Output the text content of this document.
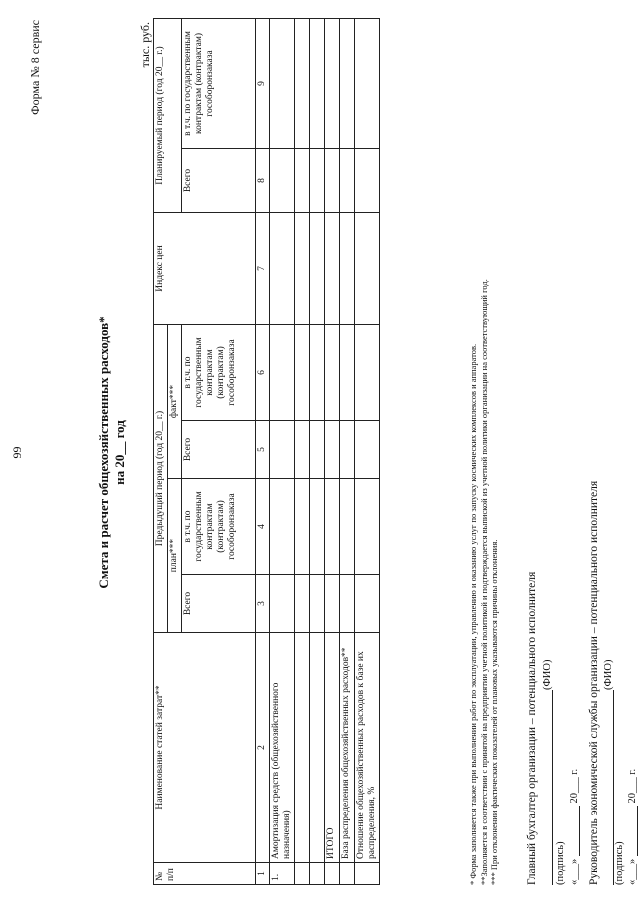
99
Форма № 8 сервис
Смета и расчет общехозяйственных расходов* на 20__ год
тыс. руб.
№ п/п	Наименование статей затрат**	Предыдущий период (год 20__ г.)				Индекс цен	Планируемый период (год 20__ г.)	
		план***		факт***				
		Всего	в т.ч. по государственным контрактам (контрактам) гособоронзаказа	Всего	в т.ч. по государственным контрактам (контрактам) гособоронзаказа		Всего	в т.ч. по государственным контрактам (контрактам) гособоронзаказа
1	2	3	4	5	6	7	8	9
1.	Амортизация средств (общехозяйственного назначения)							

	ИТОГО							
	База распределения общехозяйственных расходов**							
	Отношение общехозяйственных расходов к базе их распределения, %								* Форма заполняется также при выполнении работ по эксплуатации, управлению и оказанию услуг по запуску космических комплексов и аппаратов. **Заполняется в соответствии с принятой на предприятии учетной политикой и подтверждается выпиской из учетной политики организации на соответствующий год. *** При отклонении фактических показателей от плановых указываются причины отклонения. Главный бухгалтер организации – потенциального исполнителя (ФИО)
(подпись) «___»  20___ г. Руководитель экономической службы организации – потенциального исполнителя (ФИО)
(подпись) «___»  20___ г.
